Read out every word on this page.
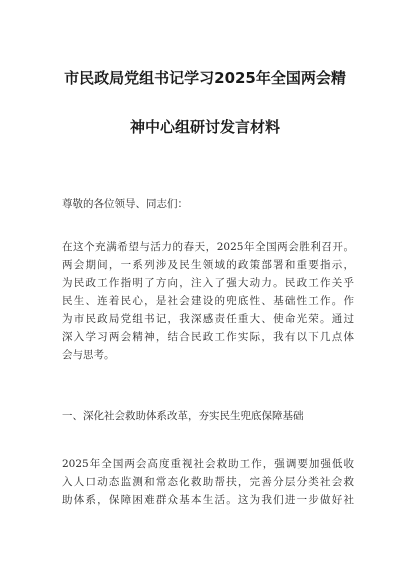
市民政局党组书记学习2025年全国两会精
神中心组研讨发言材料
尊敬的各位领导、同志们：
在这个充满希望与活力的春天，2025年全国两会胜利召开。
两会期间，一系列涉及民生领域的政策部署和重要指示，
为民政工作指明了方向，注入了强大动力。民政工作关乎
民生、连着民心，是社会建设的兜底性、基础性工作。作
为市民政局党组书记，我深感责任重大、使命光荣。通过
深入学习两会精神，结合民政工作实际，我有以下几点体
会与思考。
一、深化社会救助体系改革，夯实民生兜底保障基础
2025年全国两会高度重视社会救助工作，强调要加强低收
入人口动态监测和常态化救助帮扶，完善分层分类社会救
助体系，保障困难群众基本生活。这为我们进一步做好社
